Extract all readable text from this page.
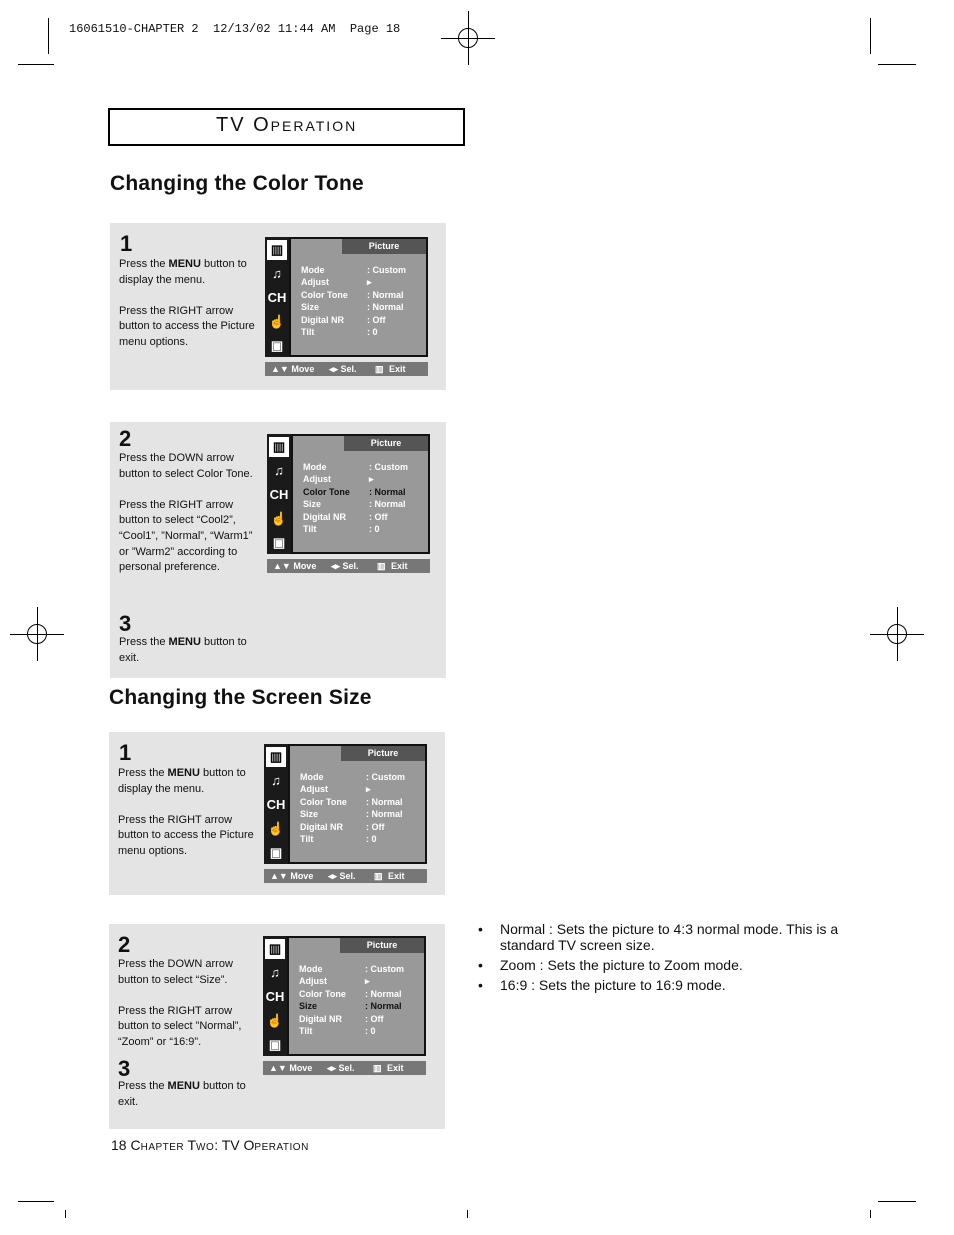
16061510-CHAPTER 2  12/13/02 11:44 AM  Page 18
TV OPERATION
Changing the Color Tone
1

Press the MENU button to display the menu.

Press the RIGHT arrow button to access the Picture menu options.

▥
♫
CH
☝
▣
Picture
Mode	: Custom
Adjust	▸
Color Tone : Normal
Size	: Normal
Digital NR	: Off
Tilt	: 0
▲▼ Move ◂▸ Sel. ▥ Exit
2

Press the DOWN arrow button to select Color Tone.

Press the RIGHT arrow button to select “Cool2”, “Cool1”, ”Normal”, “Warm1” or ”Warm2” according to personal preference.

3

Press the MENU button to exit.

▥
♫
CH
☝
▣
Picture
Mode	: Custom
Adjust	▸
Color Tone : Normal
Size	: Normal
Digital NR	: Off
Tilt	: 0
▲▼ Move ◂▸ Sel. ▥ Exit
Changing the Screen Size
1

Press the MENU button to display the menu.

Press the RIGHT arrow button to access the Picture menu options.

▥
♫
CH
☝
▣
Picture
Mode	: Custom
Adjust	▸
Color Tone : Normal
Size	: Normal
Digital NR	: Off
Tilt	: 0
▲▼ Move ◂▸ Sel. ▥ Exit
2

Press the DOWN arrow button to select “Size”.

Press the RIGHT arrow button to select ”Normal”, “Zoom” or “16:9”.

3

Press the MENU button to exit.

▥
♫
CH
☝
▣
Picture
Mode	: Custom
Adjust	▸
Color Tone : Normal
Size	: Normal
Digital NR	: Off
Tilt	: 0
▲▼ Move ◂▸ Sel. ▥ Exit
• Normal : Sets the picture to 4:3 normal mode. This is a standard TV screen size.
• Zoom : Sets the picture to Zoom mode.
• 16:9 : Sets the picture to 16:9 mode.
18 CHAPTER TWO: TV OPERATION
